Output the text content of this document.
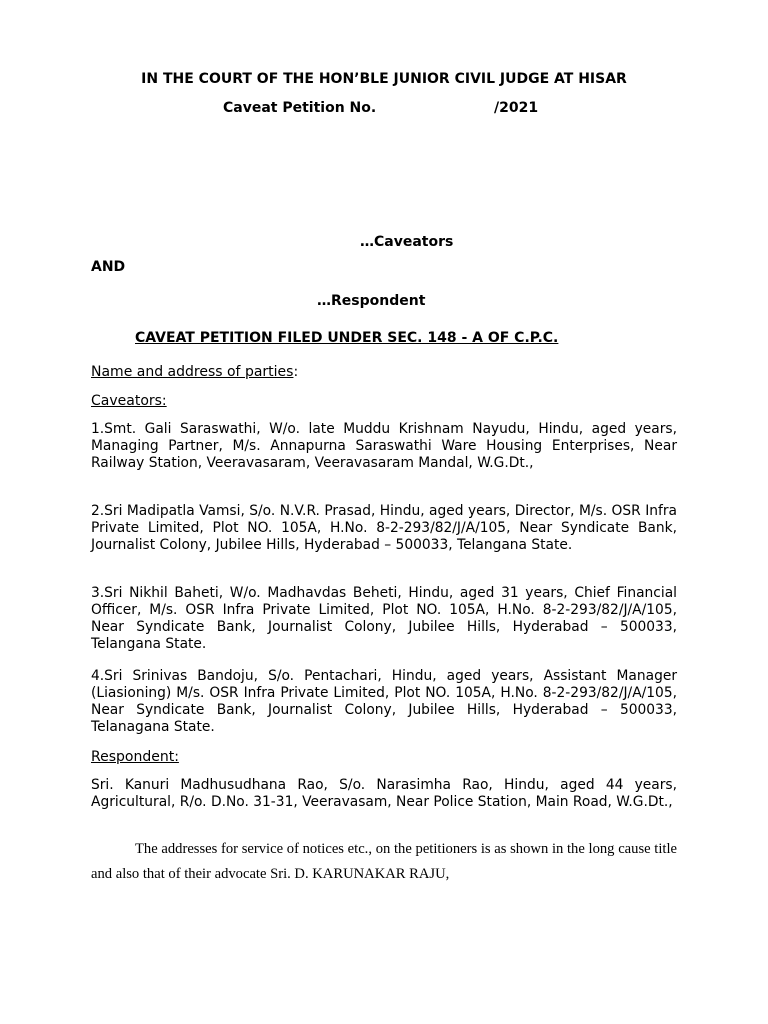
IN THE COURT OF THE HON’BLE JUNIOR CIVIL JUDGE AT HISAR

Caveat Petition No.	/2021

…Caveators

AND

…Respondent

CAVEAT PETITION FILED UNDER SEC. 148 - A OF C.P.C.

Name and address of parties:

Caveators:

1.Smt. Gali Saraswathi, W/o. late Muddu Krishnam Nayudu, Hindu, aged years, Managing Partner, M/s. Annapurna Saraswathi Ware Housing Enterprises, Near Railway Station, Veeravasaram, Veeravasaram Mandal, W.G.Dt.,

2.Sri Madipatla Vamsi, S/o. N.V.R. Prasad, Hindu, aged years, Director, M/s. OSR Infra Private Limited, Plot NO. 105A, H.No. 8-2-293/82/J/A/105, Near Syndicate Bank, Journalist Colony, Jubilee Hills, Hyderabad – 500033, Telangana State.

3.Sri Nikhil Baheti, W/o. Madhavdas Beheti, Hindu, aged 31 years, Chief Financial Officer, M/s. OSR Infra Private Limited, Plot NO. 105A, H.No. 8-2-293/82/J/A/105, Near Syndicate Bank, Journalist Colony, Jubilee Hills, Hyderabad – 500033, Telangana State.

4.Sri Srinivas Bandoju, S/o. Pentachari, Hindu, aged years, Assistant Manager (Liasioning) M/s. OSR Infra Private Limited, Plot NO. 105A, H.No. 8-2-293/82/J/A/105, Near Syndicate Bank, Journalist Colony, Jubilee Hills, Hyderabad – 500033, Telanagana State.

Respondent:

Sri. Kanuri Madhusudhana Rao, S/o. Narasimha Rao, Hindu, aged 44 years, Agricultural, R/o. D.No. 31-31, Veeravasam, Near Police Station, Main Road, W.G.Dt.,

The addresses for service of notices etc., on the petitioners is as shown in the long cause title and also that of their advocate Sri. D. KARUNAKAR RAJU,
